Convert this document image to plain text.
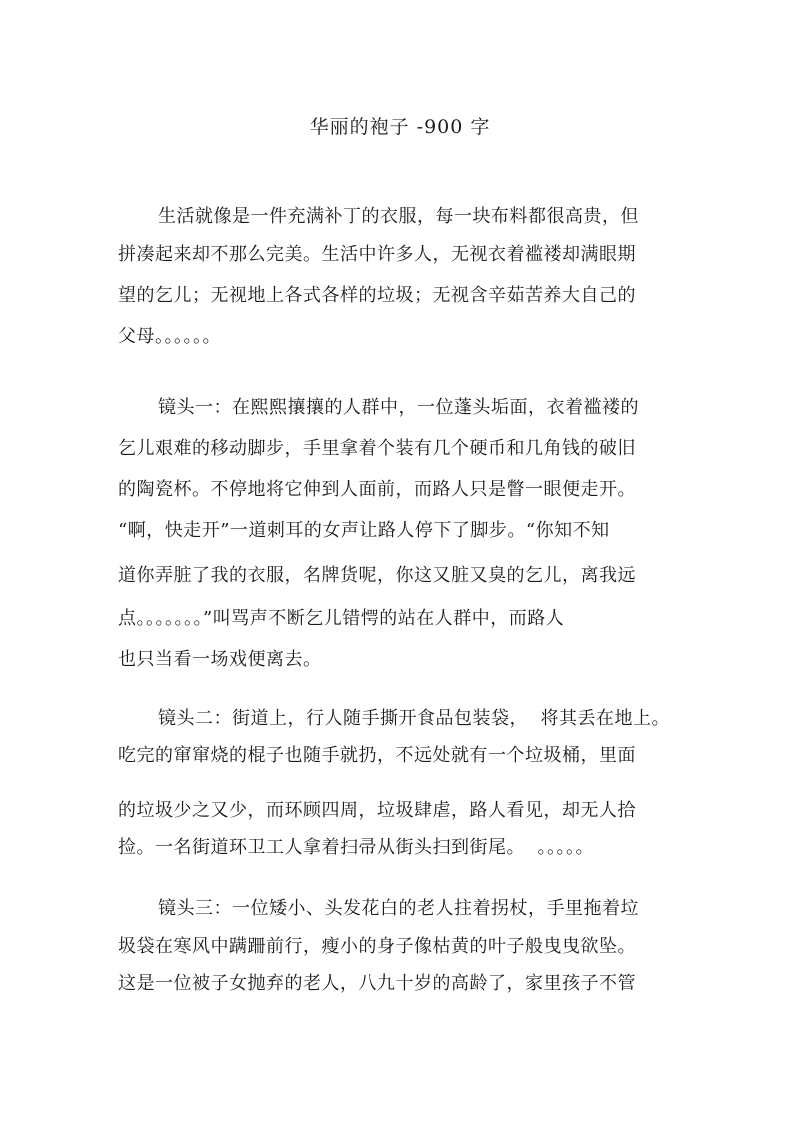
华丽的袍子 -900 字
生活就像是一件充满补丁的衣服，每一块布料都很高贵，但
拼凑起来却不那么完美。生活中许多人，无视衣着褴褛却满眼期
望的乞儿；无视地上各式各样的垃圾；无视含辛茹苦养大自己的
父母。。。。。。
镜头一：在熙熙攘攘的人群中，一位蓬头垢面，衣着褴褛的
乞儿艰难的移动脚步，手里拿着个装有几个硬币和几角钱的破旧
的陶瓷杯。不停地将它伸到人面前，而路人只是瞥一眼便走开。
“啊，快走开”一道刺耳的女声让路人停下了脚步。“你知不知
道你弄脏了我的衣服，名牌货呢，你这又脏又臭的乞儿，离我远
点。。。。。。。”叫骂声不断乞儿错愕的站在人群中，而路人
也只当看一场戏便离去。
镜头二：街道上，行人随手撕开食品包装袋，  将其丢在地上。
吃完的窜窜烧的棍子也随手就扔，不远处就有一个垃圾桶，里面
的垃圾少之又少，而环顾四周，垃圾肆虐，路人看见，却无人拾
捡。一名街道环卫工人拿着扫帚从街头扫到街尾。  。。。。。
镜头三：一位矮小、头发花白的老人拄着拐杖，手里拖着垃
圾袋在寒风中蹒跚前行，瘦小的身子像枯黄的叶子般曳曳欲坠。
这是一位被子女抛弃的老人，八九十岁的高龄了，家里孩子不管
